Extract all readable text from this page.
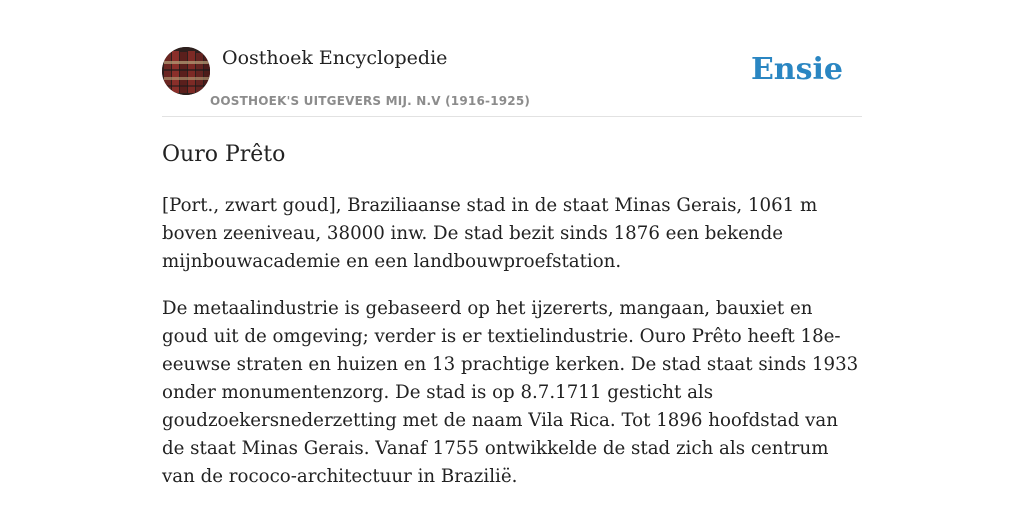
Oosthoek Encyclopedie
OOSTHOEK'S UITGEVERS MIJ. N.V (1916-1925)
Ensie
Ouro Prêto

[Port., zwart goud], Braziliaanse stad in de staat Minas Gerais, 1061 m boven zeeniveau, 38000 inw. De stad bezit sinds 1876 een bekende mijnbouwacademie en een landbouwproefstation.

De metaalindustrie is gebaseerd op het ijzererts, mangaan, bauxiet en goud uit de omgeving; verder is er textielindustrie. Ouro Prêto heeft 18e-eeuwse straten en huizen en 13 prachtige kerken. De stad staat sinds 1933 onder monumentenzorg. De stad is op 8.7.1711 gesticht als goudzoekersnederzetting met de naam Vila Rica. Tot 1896 hoofdstad van de staat Minas Gerais. Vanaf 1755 ontwikkelde de stad zich als centrum van de rococo-architectuur in Brazilië.
